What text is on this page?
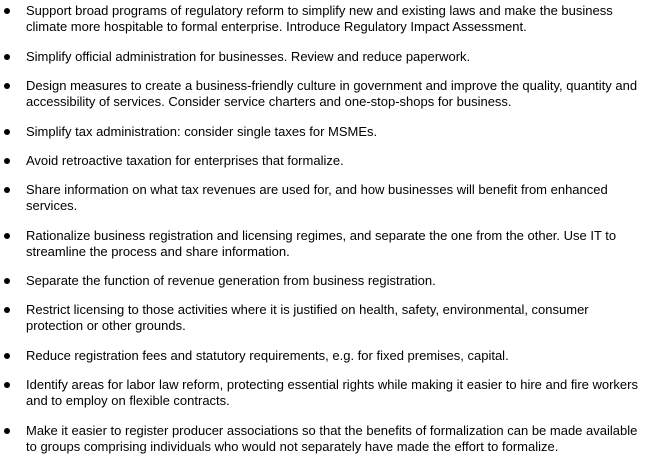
Support broad programs of regulatory reform to simplify new and existing laws and make the business
climate more hospitable to formal enterprise. Introduce Regulatory Impact Assessment.
Simplify official administration for businesses. Review and reduce paperwork.
Design measures to create a business-friendly culture in government and improve the quality, quantity and
accessibility of services. Consider service charters and one-stop-shops for business.
Simplify tax administration: consider single taxes for MSMEs.
Avoid retroactive taxation for enterprises that formalize.
Share information on what tax revenues are used for, and how businesses will benefit from enhanced
services.
Rationalize business registration and licensing regimes, and separate the one from the other. Use IT to
streamline the process and share information.
Separate the function of revenue generation from business registration.
Restrict licensing to those activities where it is justified on health, safety, environmental, consumer
protection or other grounds.
Reduce registration fees and statutory requirements, e.g. for fixed premises, capital.
Identify areas for labor law reform, protecting essential rights while making it easier to hire and fire workers
and to employ on flexible contracts.
Make it easier to register producer associations so that the benefits of formalization can be made available
to groups comprising individuals who would not separately have made the effort to formalize.
